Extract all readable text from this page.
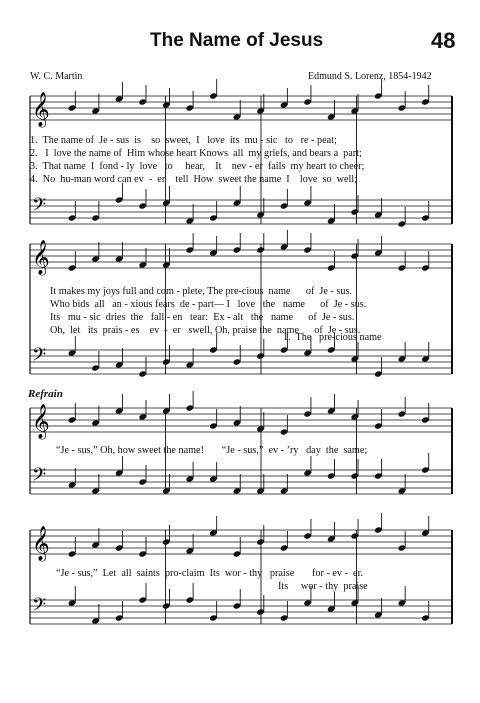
The Name of Jesus	48
W. C. Martin	Edmund S. Lorenz, 1854-1942
𝄞
𝄢
𝄞
𝄢
𝄞
𝄢
𝄞
𝄢
1.  The name of  Je - sus  is    so  sweet,  I   love  its  mu - sic   to   re - peat;
2.   I  love the name of  Him whose heart Knows  all  my griefs, and bears a  part;
3.  That name  I  fond - ly  love   to     hear,    It    nev - er  fails  my heart to cheer;
4.  No  hu-man word can ev  -  er    tell  How  sweet the name  I    love  so  well;
It makes my joys full and com - plete, The pre-cious  name      of  Je - sus.
Who bids  all   an - xious fears  de - part— I   love   the   name      of  Je - sus.
Its   mu - sic  dries  the   fall - en   tear:  Ex - alt   the   name      of  Je - sus.
Oh,  let   its  prais - es    ev  -  er   swell, Oh, praise the  name      of  Je - sus.
1.  The   pre-cious name
Refrain
“Je - sus,” Oh, how sweet the name!       “Je - sus,”  ev - ’ry   day  the  same;
“Je - sus,”  Let  all  saints  pro-claim  Its  wor - thy   praise       for - ev -  er.
Its     wor - thy  praise
